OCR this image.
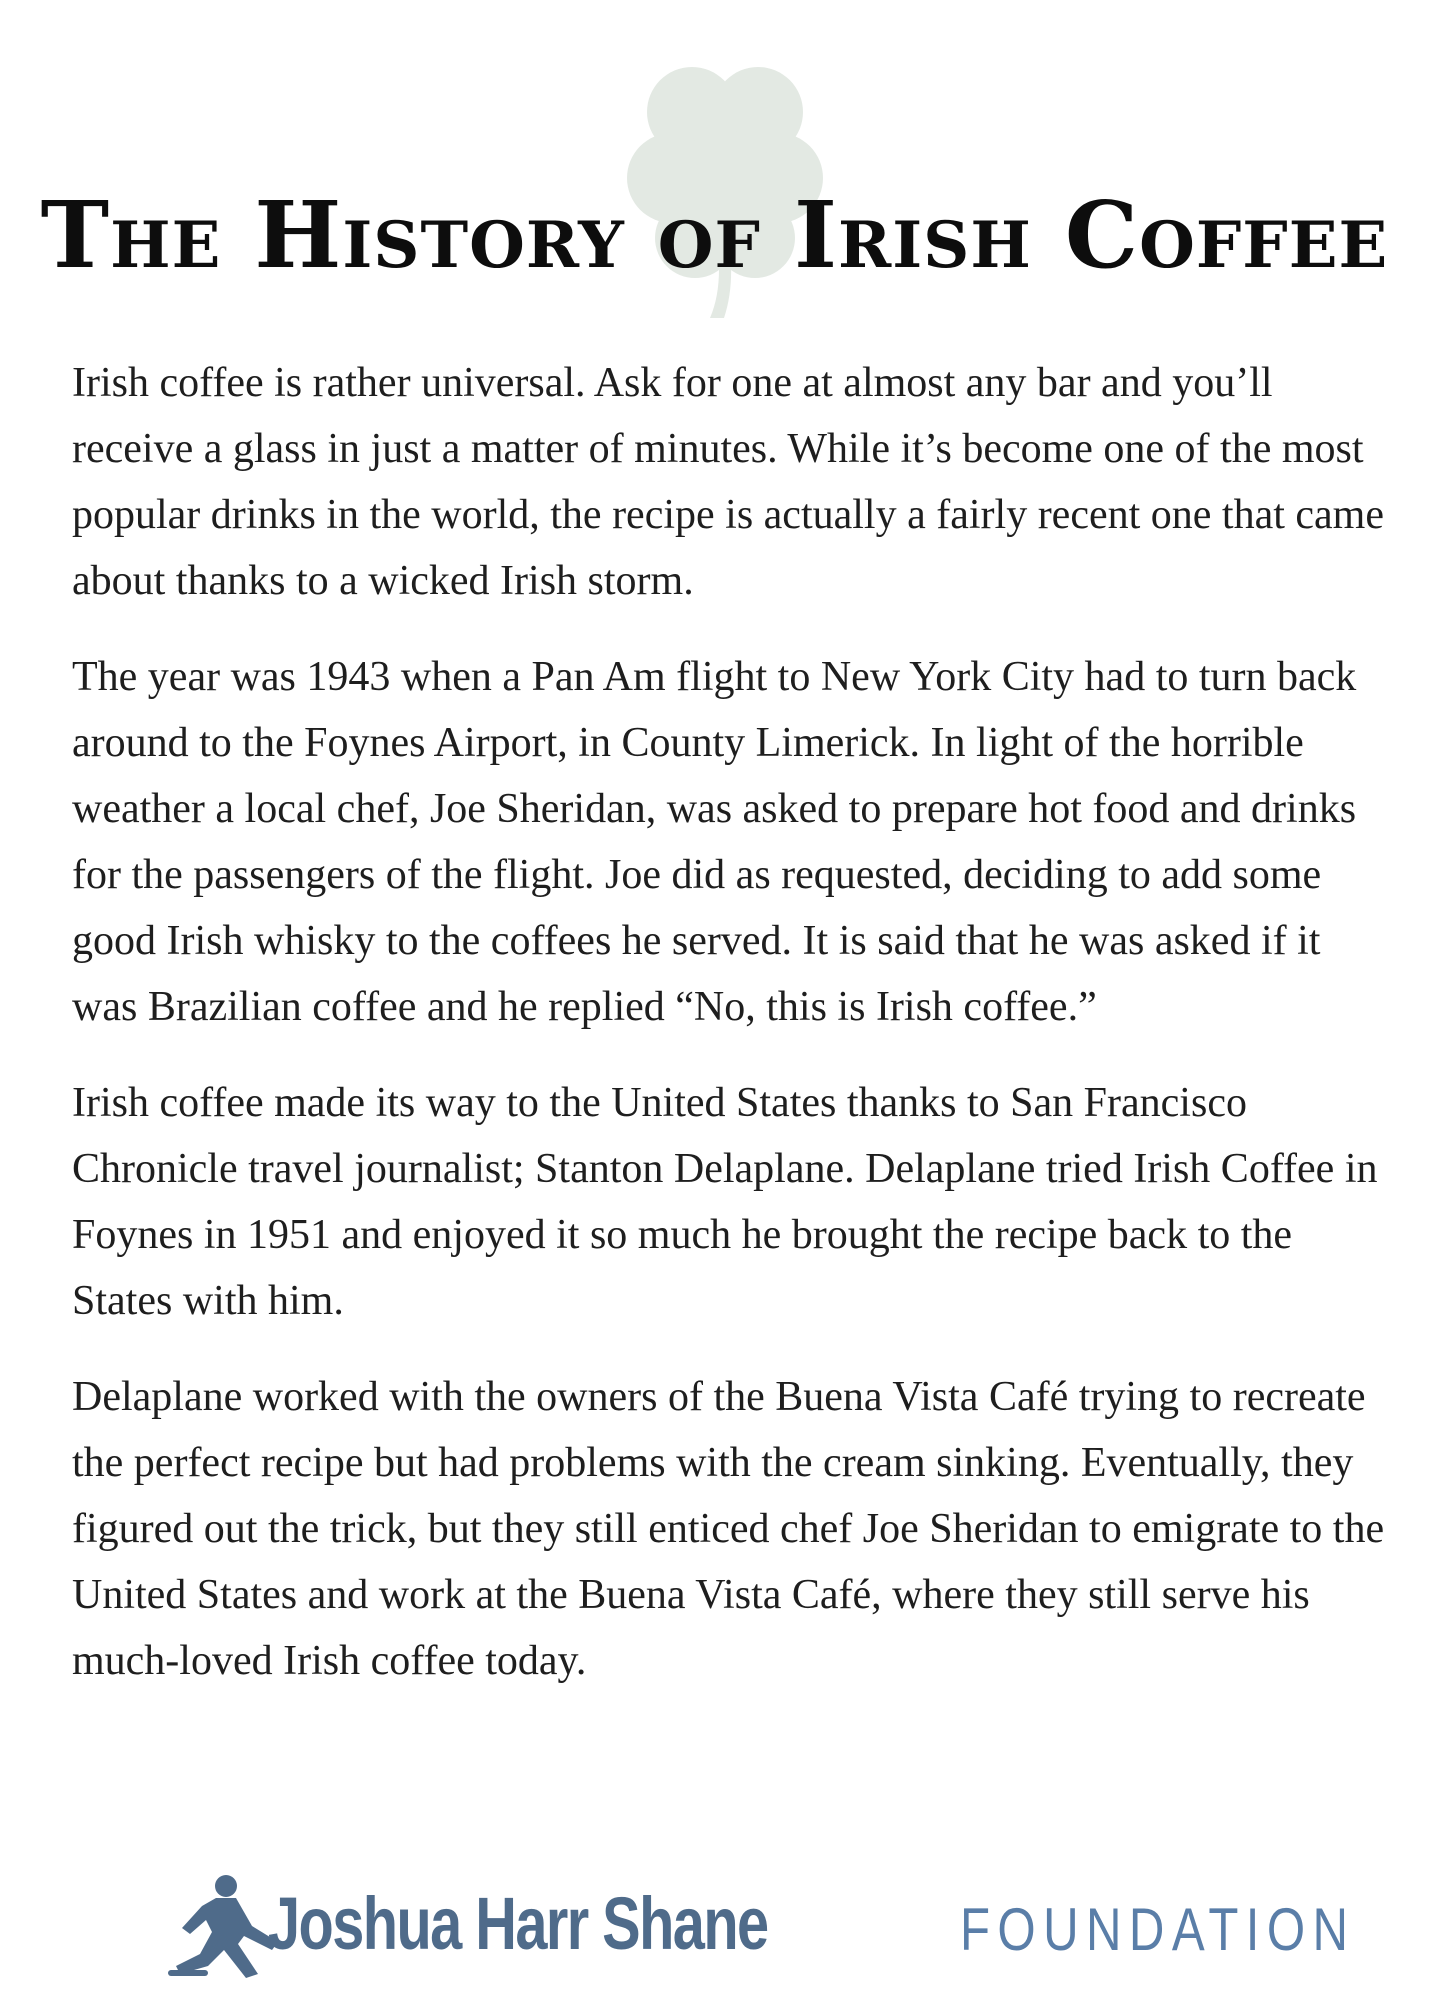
The History of Irish Coffee

Irish coffee is rather universal. Ask for one at almost any bar and you’ll receive a glass in just a matter of minutes. While it’s become one of the most popular drinks in the world, the recipe is actually a fairly recent one that came about thanks to a wicked Irish storm.

The year was 1943 when a Pan Am flight to New York City had to turn back around to the Foynes Airport, in County Limerick. In light of the horrible weather a local chef, Joe Sheridan, was asked to prepare hot food and drinks for the passengers of the flight. Joe did as requested, deciding to add some good Irish whisky to the coffees he served. It is said that he was asked if it was Brazilian coffee and he replied “No, this is Irish coffee.”

Irish coffee made its way to the United States thanks to San Francisco Chronicle travel journalist; Stanton Delaplane. Delaplane tried Irish Coffee in Foynes in 1951 and enjoyed it so much he brought the recipe back to the States with him.

Delaplane worked with the owners of the Buena Vista Café trying to recreate the perfect recipe but had problems with the cream sinking. Eventually, they figured out the trick, but they still enticed chef Joe Sheridan to emigrate to the United States and work at the Buena Vista Café, where they still serve his much-loved Irish coffee today.

Joshua Harr Shane	FOUNDATION
